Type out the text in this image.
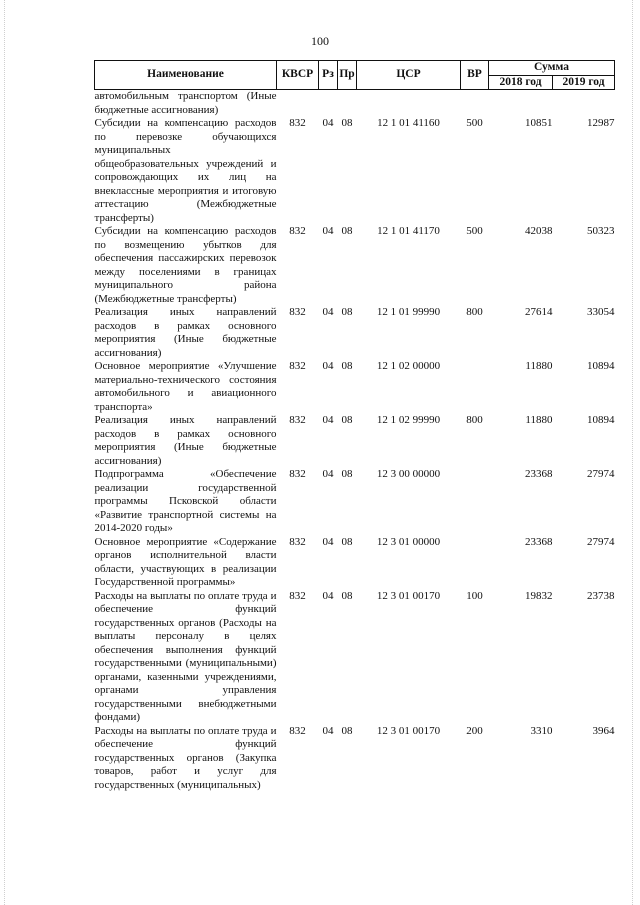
100
Наименование	КВСР	Рз	Пр	ЦСР	ВР	Сумма	
						2018 год	2019 год
автомобильным транспортом (Иные бюджетные ассигнования)							
Субсидии на компенсацию расходов по перевозке обучающихся муниципальных общеобразовательных учреждений и сопровождающих их лиц на внеклассные мероприятия и итоговую аттестацию (Межбюджетные трансферты)	832	04	08	12 1 01 41160	500	10851	12987
Субсидии на компенсацию расходов по возмещению убытков для обеспечения пассажирских перевозок между поселениями в границах муниципального района (Межбюджетные трансферты)	832	04	08	12 1 01 41170	500	42038	50323
Реализация иных направлений расходов в рамках основного мероприятия (Иные бюджетные ассигнования)	832	04	08	12 1 01 99990	800	27614	33054
Основное мероприятие «Улучшение материально-технического состояния автомобильного и авиационного транспорта»	832	04	08	12 1 02 00000		11880	10894
Реализация иных направлений расходов в рамках основного мероприятия (Иные бюджетные ассигнования)	832	04	08	12 1 02 99990	800	11880	10894
Подпрограмма «Обеспечение реализации государственной программы Псковской области «Развитие транспортной системы на 2014-2020 годы»	832	04	08	12 3 00 00000		23368	27974
Основное мероприятие «Содержание органов исполнительной власти области, участвующих в реализации Государственной программы»	832	04	08	12 3 01 00000		23368	27974
Расходы на выплаты по оплате труда и обеспечение функций государственных органов (Расходы на выплаты персоналу в целях обеспечения выполнения функций государственными (муниципальными) органами, казенными учреждениями, органами управления государственными внебюджетными фондами)	832	04	08	12 3 01 00170	100	19832	23738
Расходы на выплаты по оплате труда и обеспечение функций государственных органов (Закупка товаров, работ и услуг для государственных (муниципальных)	832	04	08	12 3 01 00170	200	3310	3964
